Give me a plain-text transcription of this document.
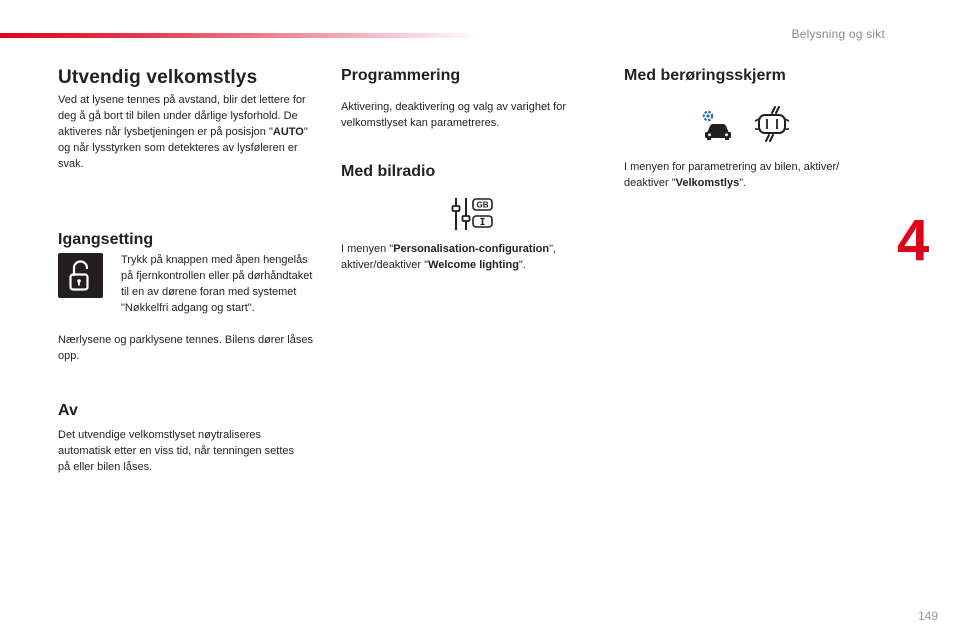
Belysning og sikt
4
149
Utvendig velkomstlys

Ved at lysene tennes på avstand, blir det lettere for deg å gå bort til bilen under dårlige lysforhold. De aktiveres når lysbetjeningen er på posisjon "AUTO" og når lysstyrken som detekteres av lysføleren er svak.

Igangsetting
Trykk på knappen med åpen hengelås på fjernkontrollen eller på dørhåndtaket til en av dørene foran med systemet "Nøkkelfri adgang og start".

Nærlysene og parklysene tennes. Bilens dører låses opp.

Av

Det utvendige velkomstlyset nøytraliseres automatisk etter en viss tid, når tenningen settes på eller bilen låses.

Programmering

Aktivering, deaktivering og valg av varighet for velkomstlyset kan parametreres.

Med bilradio
GB

I menyen "Personalisation-configuration", aktiver/deaktiver "Welcome lighting".

Med berøringsskjerm

I menyen for parametrering av bilen, aktiver/ deaktiver "Velkomstlys".
